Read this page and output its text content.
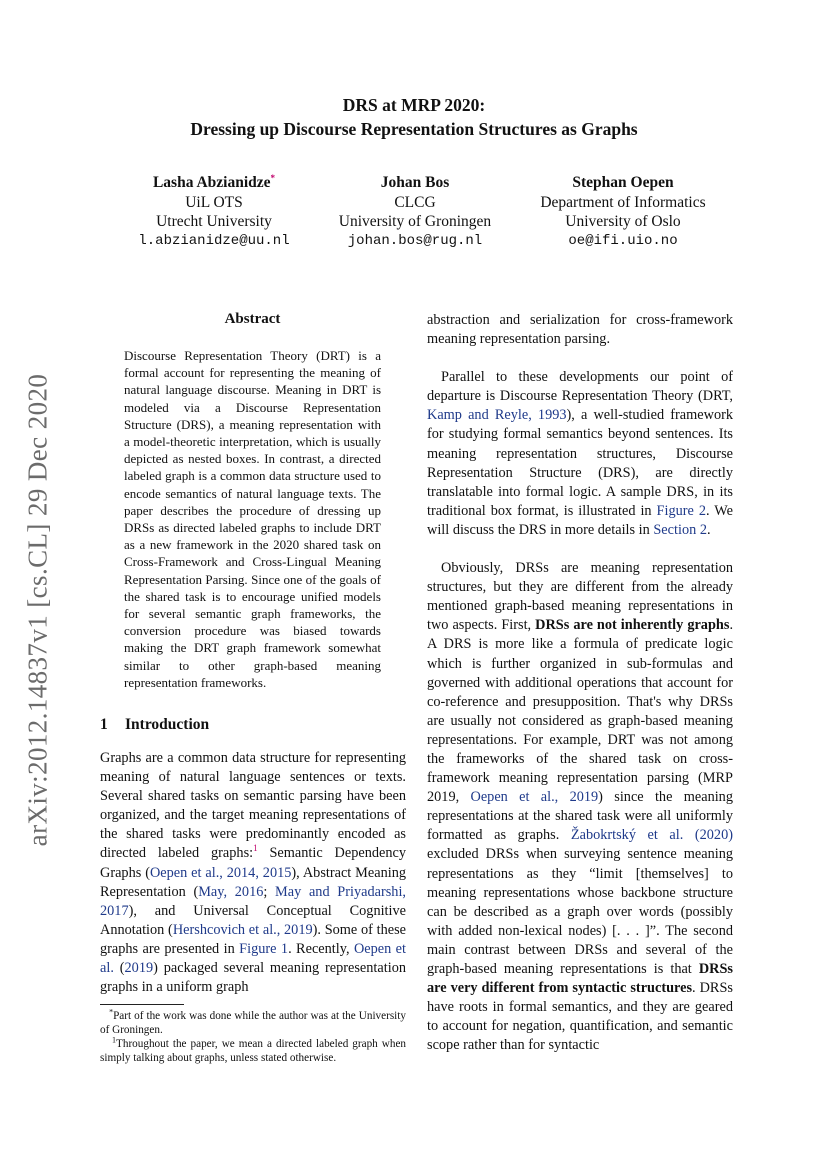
arXiv:2012.14837v1 [cs.CL] 29 Dec 2020
DRS at MRP 2020:
Dressing up Discourse Representation Structures as Graphs
Lasha Abzianidze*
UiL OTS
Utrecht University
l.abzianidze@uu.nl
Johan Bos
CLCG
University of Groningen
johan.bos@rug.nl
Stephan Oepen
Department of Informatics
University of Oslo
oe@ifi.uio.no
Abstract
Discourse Representation Theory (DRT) is a formal account for representing the meaning of natural language discourse. Meaning in DRT is modeled via a Discourse Representation Structure (DRS), a meaning representation with a model-theoretic interpretation, which is usually depicted as nested boxes. In contrast, a directed labeled graph is a common data structure used to encode semantics of natural language texts. The paper describes the procedure of dressing up DRSs as directed labeled graphs to include DRT as a new framework in the 2020 shared task on Cross-Framework and Cross-Lingual Meaning Representation Parsing. Since one of the goals of the shared task is to encourage unified models for several semantic graph frameworks, the conversion procedure was biased towards making the DRT graph framework somewhat similar to other graph-based meaning representation frameworks.
1 Introduction

Graphs are a common data structure for representing meaning of natural language sentences or texts. Several shared tasks on semantic parsing have been organized, and the target meaning representations of the shared tasks were predominantly encoded as directed labeled graphs:$^1$ Semantic Dependency Graphs (Oepen et al., 2014, 2015), Abstract Meaning Representation (May, 2016; May and Priyadarshi, 2017), and Universal Conceptual Cognitive Annotation (Hershcovich et al., 2019). Some of these graphs are presented in Figure 1. Recently, Oepen et al. (2019) packaged several meaning representation graphs in a uniform graph

*Part of the work was done while the author was at the University of Groningen.
$^1$Throughout the paper, we mean a directed labeled graph when simply talking about graphs, unless stated otherwise.

abstraction and serialization for cross-framework meaning representation parsing.

Parallel to these developments our point of departure is Discourse Representation Theory (DRT, Kamp and Reyle, 1993), a well-studied framework for studying formal semantics beyond sentences. Its meaning representation structures, Discourse Representation Structure (DRS), are directly translatable into formal logic. A sample DRS, in its traditional box format, is illustrated in Figure 2. We will discuss the DRS in more details in Section 2.

Obviously, DRSs are meaning representation structures, but they are different from the already mentioned graph-based meaning representations in two aspects. First, DRSs are not inherently graphs. A DRS is more like a formula of predicate logic which is further organized in sub-formulas and governed with additional operations that account for co-reference and presupposition. That's why DRSs are usually not considered as graph-based meaning representations. For example, DRT was not among the frameworks of the shared task on cross-framework meaning representation parsing (MRP 2019, Oepen et al., 2019) since the meaning representations at the shared task were all uniformly formatted as graphs. Žabokrtský et al. (2020) excluded DRSs when surveying sentence meaning representations as they “limit [themselves] to meaning representations whose backbone structure can be described as a graph over words (possibly with added non-lexical nodes) [. . . ]”. The second main contrast between DRSs and several of the graph-based meaning representations is that DRSs are very different from syntactic structures. DRSs have roots in formal semantics, and they are geared to account for negation, quantification, and semantic scope rather than for syntactic
